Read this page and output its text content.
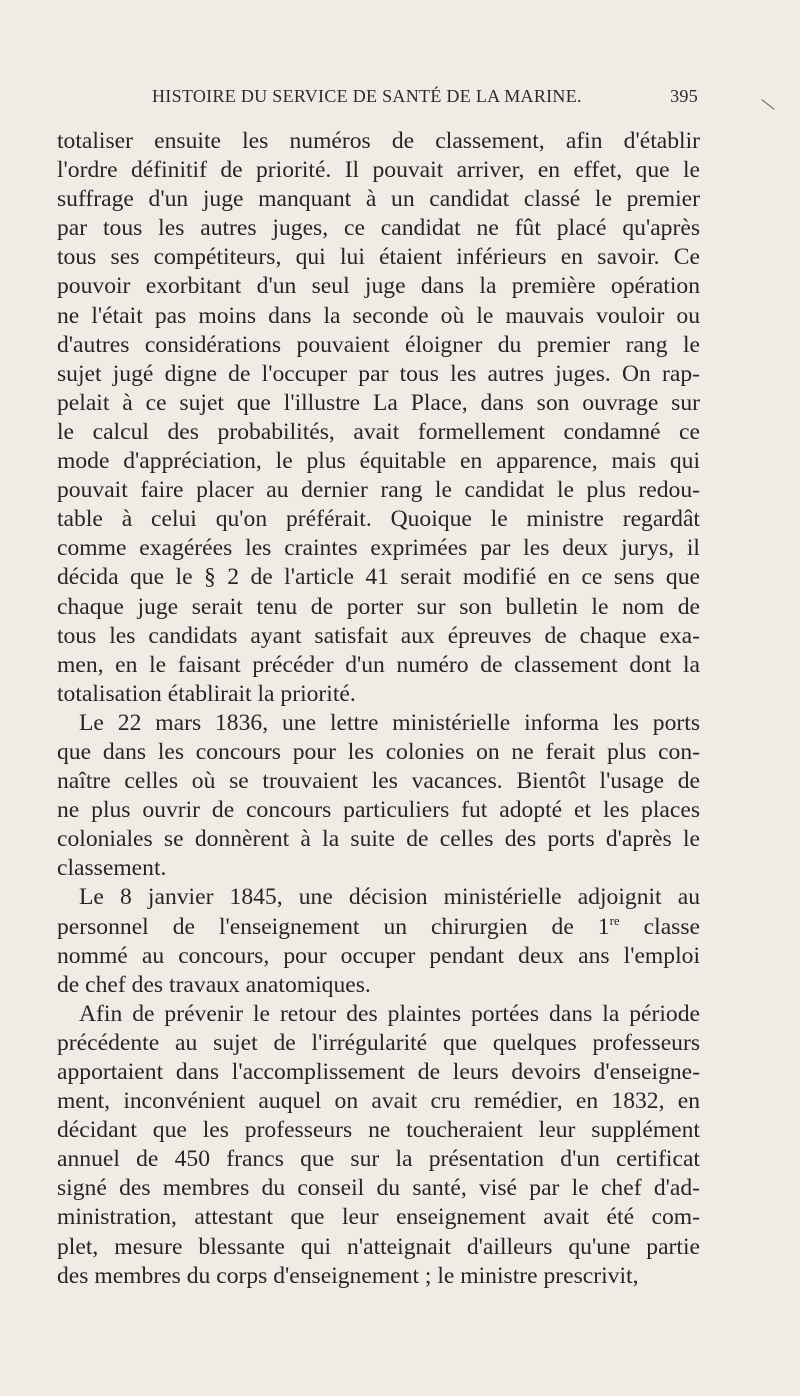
HISTOIRE DU SERVICE DE SANTÉ DE LA MARINE.	395

totaliser ensuite les numéros de classement, afin d'établir
l'ordre définitif de priorité. Il pouvait arriver, en effet, que le
suffrage d'un juge manquant à un candidat classé le premier
par tous les autres juges, ce candidat ne fût placé qu'après
tous ses compétiteurs, qui lui étaient inférieurs en savoir. Ce
pouvoir exorbitant d'un seul juge dans la première opération
ne l'était pas moins dans la seconde où le mauvais vouloir ou
d'autres considérations pouvaient éloigner du premier rang le
sujet jugé digne de l'occuper par tous les autres juges. On rap-
pelait à ce sujet que l'illustre La Place, dans son ouvrage sur
le calcul des probabilités, avait formellement condamné ce
mode d'appréciation, le plus équitable en apparence, mais qui
pouvait faire placer au dernier rang le candidat le plus redou-
table à celui qu'on préférait. Quoique le ministre regardât
comme exagérées les craintes exprimées par les deux jurys, il
décida que le § 2 de l'article 41 serait modifié en ce sens que
chaque juge serait tenu de porter sur son bulletin le nom de
tous les candidats ayant satisfait aux épreuves de chaque exa-
men, en le faisant précéder d'un numéro de classement dont la
totalisation établirait la priorité.

Le 22 mars 1836, une lettre ministérielle informa les ports
que dans les concours pour les colonies on ne ferait plus con-
naître celles où se trouvaient les vacances. Bientôt l'usage de
ne plus ouvrir de concours particuliers fut adopté et les places
coloniales se donnèrent à la suite de celles des ports d'après le
classement.

Le 8 janvier 1845, une décision ministérielle adjoignit au
personnel de l'enseignement un chirurgien de 1re classe
nommé au concours, pour occuper pendant deux ans l'emploi
de chef des travaux anatomiques.

Afin de prévenir le retour des plaintes portées dans la période
précédente au sujet de l'irrégularité que quelques professeurs
apportaient dans l'accomplissement de leurs devoirs d'enseigne-
ment, inconvénient auquel on avait cru remédier, en 1832, en
décidant que les professeurs ne toucheraient leur supplément
annuel de 450 francs que sur la présentation d'un certificat
signé des membres du conseil du santé, visé par le chef d'ad-
ministration, attestant que leur enseignement avait été com-
plet, mesure blessante qui n'atteignait d'ailleurs qu'une partie
des membres du corps d'enseignement ; le ministre prescrivit,
